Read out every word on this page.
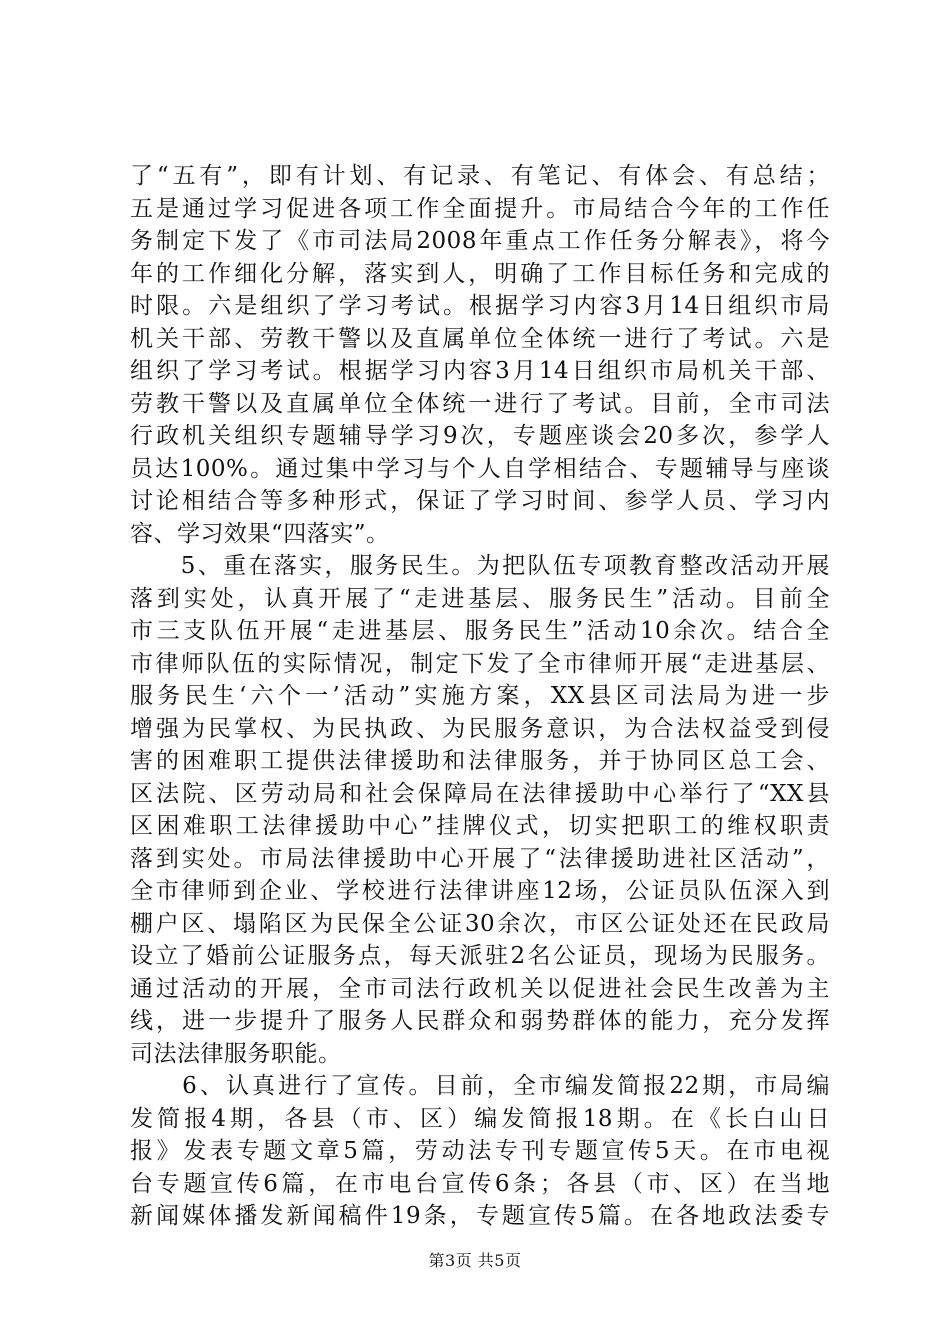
了“五有”，即有计划、有记录、有笔记、有体会、有总结；
五是通过学习促进各项工作全面提升。市局结合今年的工作任
务制定下发了《市司法局2008年重点工作任务分解表》，将今
年的工作细化分解，落实到人，明确了工作目标任务和完成的
时限。六是组织了学习考试。根据学习内容3月14日组织市局
机关干部、劳教干警以及直属单位全体统一进行了考试。六是
组织了学习考试。根据学习内容3月14日组织市局机关干部、
劳教干警以及直属单位全体统一进行了考试。目前，全市司法
行政机关组织专题辅导学习9次，专题座谈会20多次，参学人
员达100%。通过集中学习与个人自学相结合、专题辅导与座谈
讨论相结合等多种形式，保证了学习时间、参学人员、学习内
容、学习效果“四落实”。
　　5、重在落实，服务民生。为把队伍专项教育整改活动开展
落到实处，认真开展了“走进基层、服务民生”活动。目前全
市三支队伍开展“走进基层、服务民生”活动10余次。结合全
市律师队伍的实际情况，制定下发了全市律师开展“走进基层、
服务民生‘六个一’活动”实施方案，XX县区司法局为进一步
增强为民掌权、为民执政、为民服务意识，为合法权益受到侵
害的困难职工提供法律援助和法律服务，并于协同区总工会、
区法院、区劳动局和社会保障局在法律援助中心举行了“XX县
区困难职工法律援助中心”挂牌仪式，切实把职工的维权职责
落到实处。市局法律援助中心开展了“法律援助进社区活动”，
全市律师到企业、学校进行法律讲座12场，公证员队伍深入到
棚户区、塌陷区为民保全公证30余次，市区公证处还在民政局
设立了婚前公证服务点，每天派驻2名公证员，现场为民服务。
通过活动的开展，全市司法行政机关以促进社会民生改善为主
线，进一步提升了服务人民群众和弱势群体的能力，充分发挥
司法法律服务职能。
　　6、认真进行了宣传。目前，全市编发简报22期，市局编
发简报4期，各县（市、区）编发简报18期。在《长白山日
报》发表专题文章5篇，劳动法专刊专题宣传5天。在市电视
台专题宣传6篇，在市电台宣传6条；各县（市、区）在当地
新闻媒体播发新闻稿件19条，专题宣传5篇。在各地政法委专
第3页 共5页
